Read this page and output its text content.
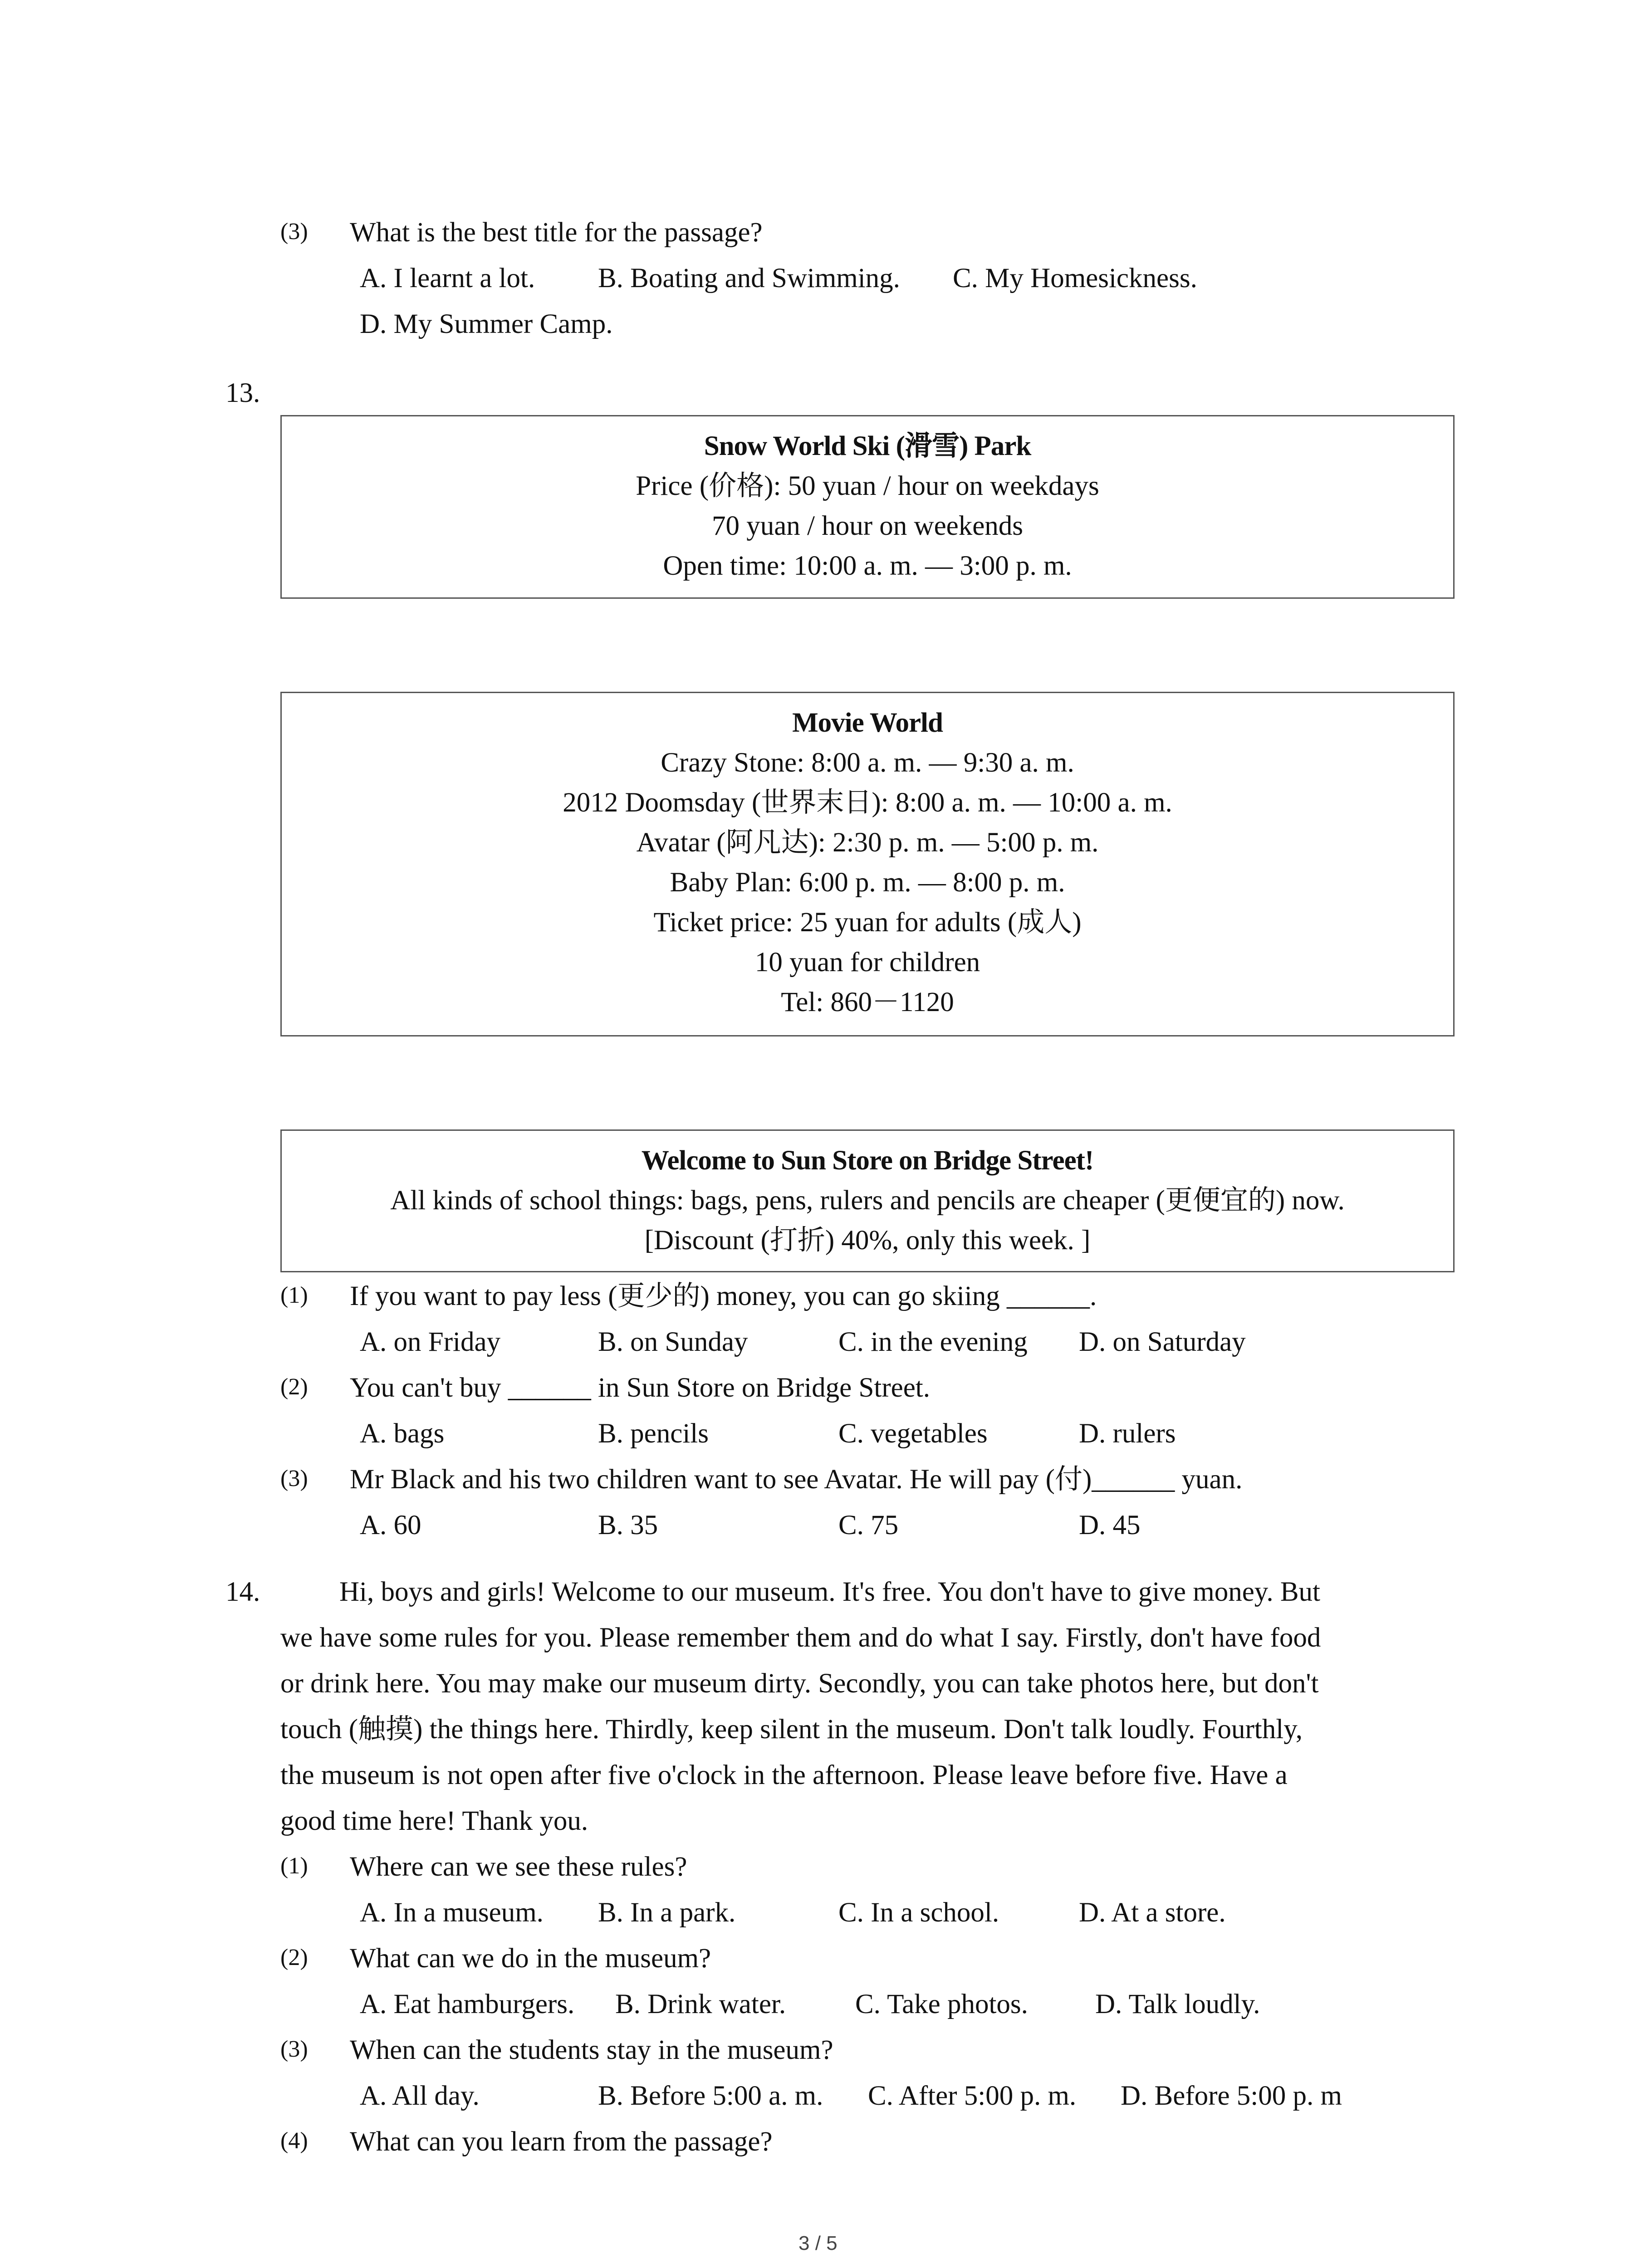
(3) What is the best title for the passage?
A. I learnt a lot. B. Boating and Swimming. C. My Homesickness.
D. My Summer Camp.
13.
Snow World Ski (滑雪) Park
Price (价格): 50 yuan / hour on weekdays
70 yuan / hour on weekends
Open time: 10:00 a. m. — 3:00 p. m.
Movie World
Crazy Stone: 8:00 a. m. — 9:30 a. m.
2012 Doomsday (世界末日): 8:00 a. m. — 10:00 a. m.
Avatar (阿凡达): 2:30 p. m. — 5:00 p. m.
Baby Plan: 6:00 p. m. — 8:00 p. m.
Ticket price: 25 yuan for adults (成人)
10 yuan for children
Tel: 860－1120
Welcome to Sun Store on Bridge Street!
All kinds of school things: bags, pens, rulers and pencils are cheaper (更便宜的) now.
[Discount (打折) 40%, only this week. ]
(1) If you want to pay less (更少的) money, you can go skiing ______.
A. on Friday	B. on Sunday	C. in the evening D. on Saturday
(2) You can't buy ______ in Sun Store on Bridge Street.
A. bags	B. pencils	C. vegetables	D. rulers
(3) Mr Black and his two children want to see Avatar. He will pay (付)______ yuan.
A. 60	B. 35	C. 75	D. 45
14.	Hi, boys and girls! Welcome to our museum. It's free. You don't have to give money. But
we have some rules for you. Please remember them and do what I say. Firstly, don't have food
or drink here. You may make our museum dirty. Secondly, you can take photos here, but don't
touch (触摸) the things here. Thirdly, keep silent in the museum. Don't talk loudly. Fourthly,
the museum is not open after five o'clock in the afternoon. Please leave before five. Have a
good time here! Thank you.
(1) Where can we see these rules?
A. In a museum. B. In a park.	C. In a school.	D. At a store.
(2) What can we do in the museum?
A. Eat hamburgers. B. Drink water.	C. Take photos. D. Talk loudly.
(3) When can the students stay in the museum?
A. All day.	B. Before 5:00 a. m. C. After 5:00 p. m. D. Before 5:00 p. m
(4) What can you learn from the passage?
3 / 5
